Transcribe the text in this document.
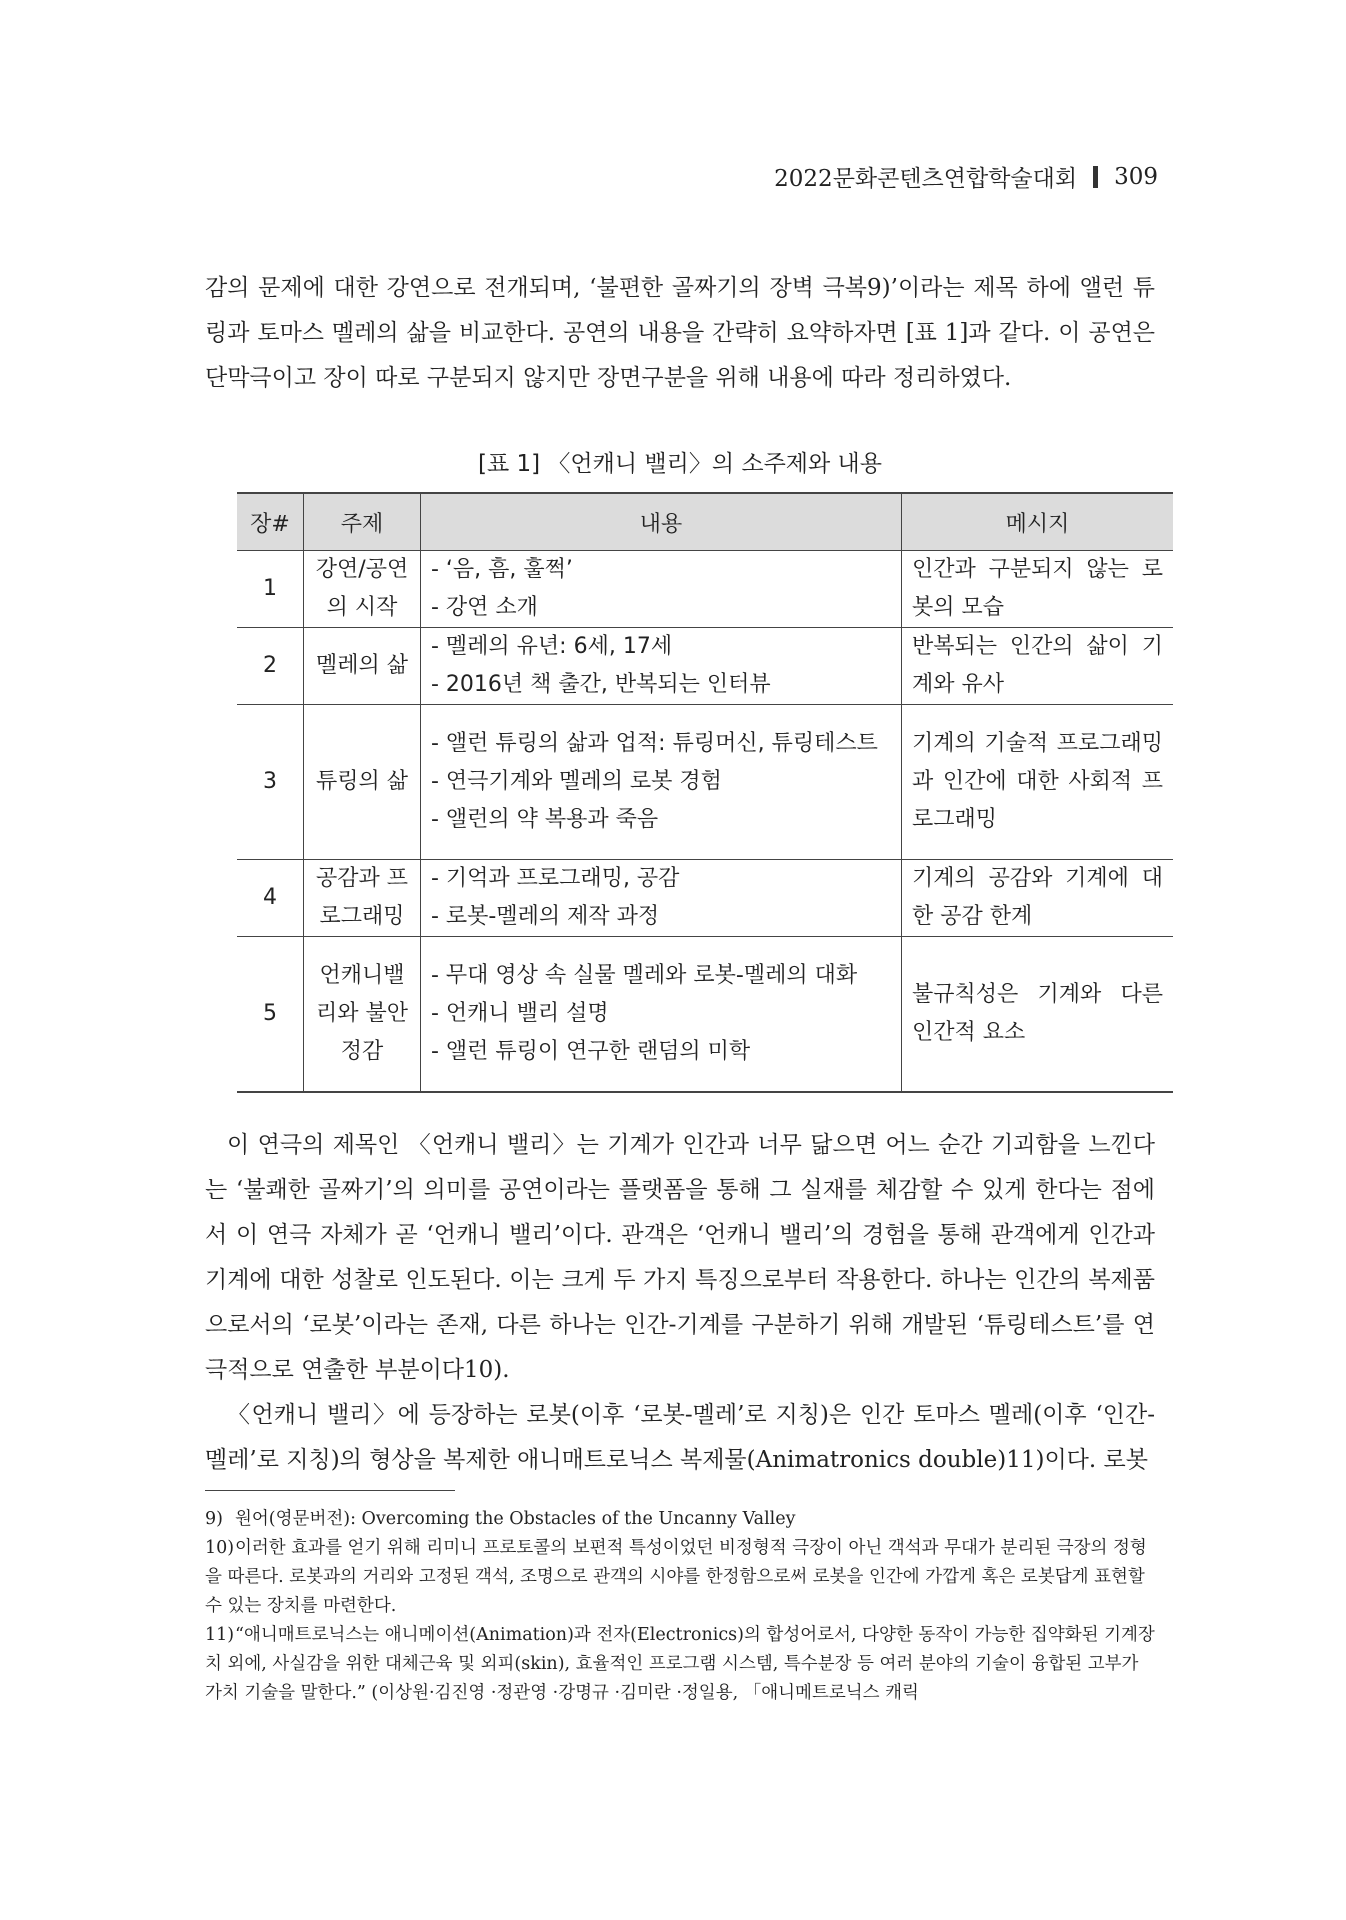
2022문화콘텐츠연합학술대회 309

감의 문제에 대한 강연으로 전개되며, ‘불편한 골짜기의 장벽 극복9)’이라는 제목 하에 앨런 튜링과 토마스 멜레의 삶을 비교한다. 공연의 내용을 간략히 요약하자면 [표 1]과 같다. 이 공연은 단막극이고 장이 따로 구분되지 않지만 장면구분을 위해 내용에 따라 정리하였다.

[표 1] 〈언캐니 밸리〉의 소주제와 내용
장#	주제	내용	메시지
1	강연/공연의 시작	- ‘음, 흠, 훌쩍’
- 강연 소개	인간과 구분되지 않는 로봇의 모습
2	멜레의 삶	- 멜레의 유년: 6세, 17세
- 2016년 책 출간, 반복되는 인터뷰	반복되는 인간의 삶이 기계와 유사
3	튜링의 삶	- 앨런 튜링의 삶과 업적: 튜링머신, 튜링테스트
- 연극기계와 멜레의 로봇 경험
- 앨런의 약 복용과 죽음	기계의 기술적 프로그래밍과 인간에 대한 사회적 프로그래밍
4	공감과 프로그래밍	- 기억과 프로그래밍, 공감
- 로봇-멜레의 제작 과정	기계의 공감와 기계에 대한 공감 한계
5	언캐니밸리와 불안정감	- 무대 영상 속 실물 멜레와 로봇-멜레의 대화
- 언캐니 밸리 설명
- 앨런 튜링이 연구한 랜덤의 미학	불규칙성은 기계와 다른 인간적 요소

이 연극의 제목인 〈언캐니 밸리〉는 기계가 인간과 너무 닮으면 어느 순간 기괴함을 느낀다는 ‘불쾌한 골짜기’의 의미를 공연이라는 플랫폼을 통해 그 실재를 체감할 수 있게 한다는 점에서 이 연극 자체가 곧 ‘언캐니 밸리’이다. 관객은 ‘언캐니 밸리’의 경험을 통해 관객에게 인간과 기계에 대한 성찰로 인도된다. 이는 크게 두 가지 특징으로부터 작용한다. 하나는 인간의 복제품으로서의 ‘로봇’이라는 존재, 다른 하나는 인간-기계를 구분하기 위해 개발된 ‘튜링테스트’를 연극적으로 연출한 부분이다10).

〈언캐니 밸리〉에 등장하는 로봇(이후 ‘로봇-멜레’로 지칭)은 인간 토마스 멜레(이후 ‘인간-멜레’로 지칭)의 형상을 복제한 애니매트로닉스 복제물(Animatronics double)11)이다. 로봇

9) 원어(영문버전): Overcoming the Obstacles of the Uncanny Valley
10)이러한 효과를 얻기 위해 리미니 프로토콜의 보편적 특성이었던 비정형적 극장이 아닌 객석과 무대가 분리된 극장의 정형을 따른다. 로봇과의 거리와 고정된 객석, 조명으로 관객의 시야를 한정함으로써 로봇을 인간에 가깝게 혹은 로봇답게 표현할 수 있는 장치를 마련한다.
11)“애니매트로닉스는 애니메이션(Animation)과 전자(Electronics)의 합성어로서, 다양한 동작이 가능한 집약화된 기계장치 외에, 사실감을 위한 대체근육 및 외피(skin), 효율적인 프로그램 시스템, 특수분장 등 여러 분야의 기술이 융합된 고부가가치 기술을 말한다.” (이상원·김진영 ·정관영 ·강명규 ·김미란 ·정일용, 「애니메트로닉스 캐릭
